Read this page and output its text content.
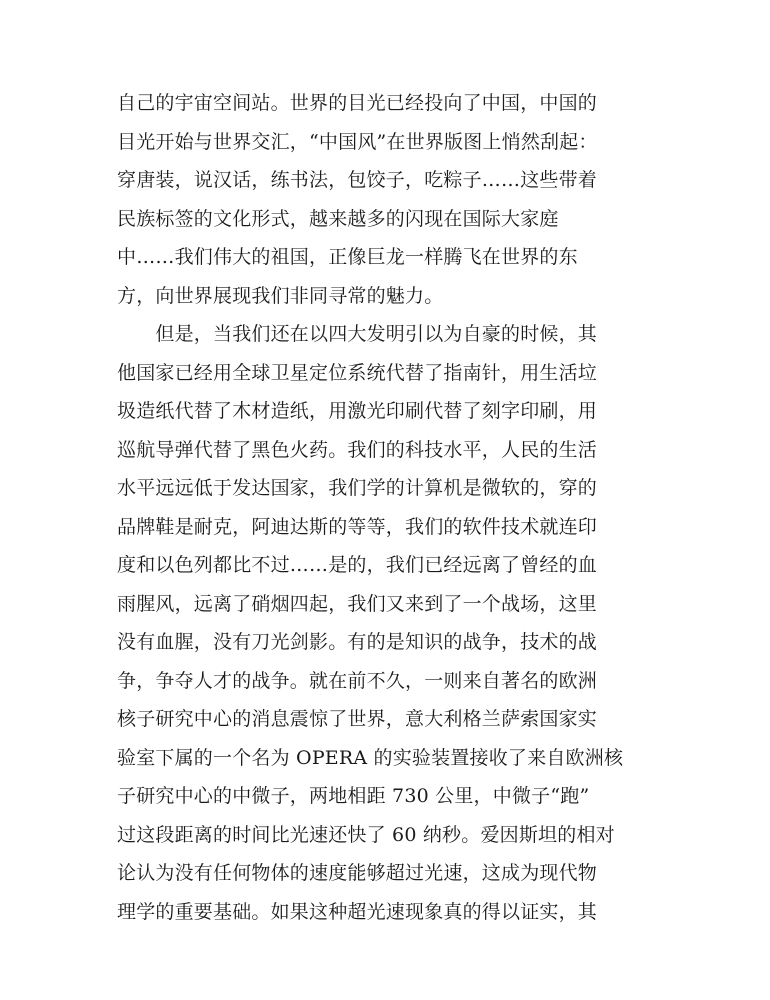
自己的宇宙空间站。世界的目光已经投向了中国，中国的
目光开始与世界交汇，“中国风”在世界版图上悄然刮起：
穿唐装，说汉话，练书法，包饺子，吃粽子……这些带着
民族标签的文化形式，越来越多的闪现在国际大家庭
中……我们伟大的祖国，正像巨龙一样腾飞在世界的东
方，向世界展现我们非同寻常的魅力。
　　但是，当我们还在以四大发明引以为自豪的时候，其
他国家已经用全球卫星定位系统代替了指南针，用生活垃
圾造纸代替了木材造纸，用激光印刷代替了刻字印刷，用
巡航导弹代替了黑色火药。我们的科技水平，人民的生活
水平远远低于发达国家，我们学的计算机是微软的，穿的
品牌鞋是耐克，阿迪达斯的等等，我们的软件技术就连印
度和以色列都比不过……是的，我们已经远离了曾经的血
雨腥风，远离了硝烟四起，我们又来到了一个战场，这里
没有血腥，没有刀光剑影。有的是知识的战争，技术的战
争，争夺人才的战争。就在前不久，一则来自著名的欧洲
核子研究中心的消息震惊了世界，意大利格兰萨索国家实
验室下属的一个名为 OPERA 的实验装置接收了来自欧洲核
子研究中心的中微子，两地相距 730 公里，中微子“跑”
过这段距离的时间比光速还快了 60 纳秒。爱因斯坦的相对
论认为没有任何物体的速度能够超过光速，这成为现代物
理学的重要基础。如果这种超光速现象真的得以证实，其
